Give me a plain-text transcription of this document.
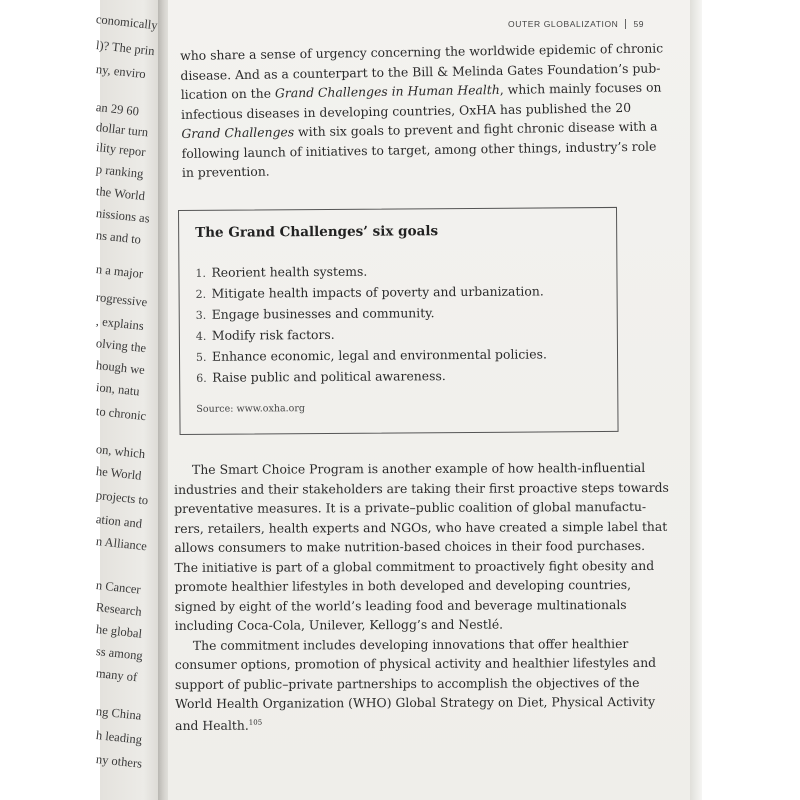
conomically
l)? The prin
ny, enviro
an 29 60
dollar turn
ility repor
p ranking
the World
nissions as
ns and to
n a major
rogressive
, explains
olving the
hough we
ion, natu
to chronic
on, which
he World
projects to
ation and
n Alliance
n Cancer
Research
he global
ss among
many of
ng China
h leading
ny others
OUTER GLOBALIZATION 59
who share a sense of urgency concerning the worldwide epidemic of chronic
disease. And as a counterpart to the Bill & Melinda Gates Foundation’s pub-
lication on the Grand Challenges in Human Health, which mainly focuses on
infectious diseases in developing countries, OxHA has published the 20
Grand Challenges with six goals to prevent and fight chronic disease with a
following launch of initiatives to target, among other things, industry’s role
in prevention.
The Grand Challenges’ six goals
1. Reorient health systems.
2. Mitigate health impacts of poverty and urbanization.
3. Engage businesses and community.
4. Modify risk factors.
5. Enhance economic, legal and environmental policies.
6. Raise public and political awareness.
Source: www.oxha.org
The Smart Choice Program is another example of how health-influential
industries and their stakeholders are taking their first proactive steps towards
preventative measures. It is a private–public coalition of global manufactu-
rers, retailers, health experts and NGOs, who have created a simple label that
allows consumers to make nutrition-based choices in their food purchases.
The initiative is part of a global commitment to proactively fight obesity and
promote healthier lifestyles in both developed and developing countries,
signed by eight of the world’s leading food and beverage multinationals
including Coca-Cola, Unilever, Kellogg’s and Nestlé.
The commitment includes developing innovations that offer healthier
consumer options, promotion of physical activity and healthier lifestyles and
support of public–private partnerships to accomplish the objectives of the
World Health Organization (WHO) Global Strategy on Diet, Physical Activity
and Health.$^{105}$
